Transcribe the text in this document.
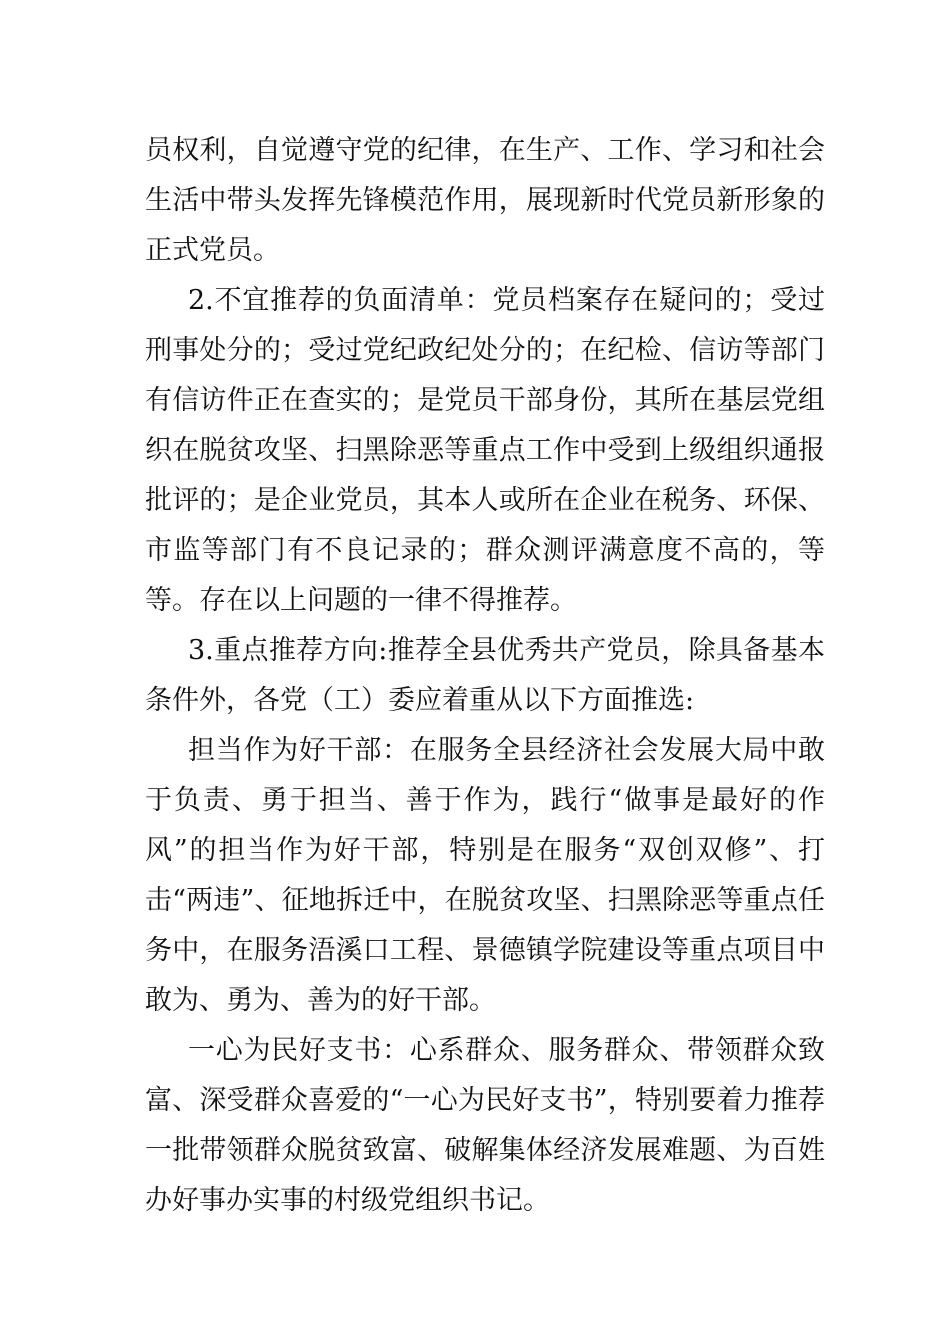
员权利，自觉遵守党的纪律，在生产、工作、学习和社会生活中带头发挥先锋模范作用，展现新时代党员新形象的正式党员。

2.不宜推荐的负面清单：党员档案存在疑问的；受过刑事处分的；受过党纪政纪处分的；在纪检、信访等部门有信访件正在查实的；是党员干部身份，其所在基层党组织在脱贫攻坚、扫黑除恶等重点工作中受到上级组织通报批评的；是企业党员，其本人或所在企业在税务、环保、市监等部门有不良记录的；群众测评满意度不高的，等等。存在以上问题的一律不得推荐。

3.重点推荐方向:推荐全县优秀共产党员，除具备基本条件外，各党（工）委应着重从以下方面推选:

担当作为好干部：在服务全县经济社会发展大局中敢于负责、勇于担当、善于作为，践行“做事是最好的作风”的担当作为好干部，特别是在服务“双创双修”、打击“两违”、征地拆迁中，在脱贫攻坚、扫黑除恶等重点任务中，在服务浯溪口工程、景德镇学院建设等重点项目中敢为、勇为、善为的好干部。

一心为民好支书：心系群众、服务群众、带领群众致富、深受群众喜爱的“一心为民好支书”，特别要着力推荐一批带领群众脱贫致富、破解集体经济发展难题、为百姓办好事办实事的村级党组织书记。
